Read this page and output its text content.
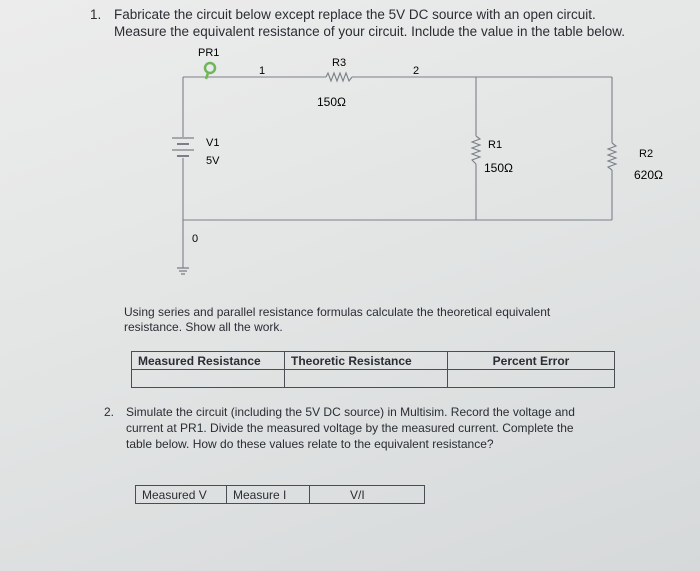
1. Fabricate the circuit below except replace the 5V DC source with an open circuit.
Measure the equivalent resistance of your circuit. Include the value in the table below.
PR1
1	2
0
R3
150Ω
R1
150Ω
R2
620Ω
V1
5V
Using series and parallel resistance formulas calculate the theoretical equivalent
resistance. Show all the work.
Measured Resistance	Theoretic Resistance	Percent Error

2. Simulate the circuit (including the 5V DC source) in Multisim. Record the voltage and
current at PR1. Divide the measured voltage by the measured current. Complete the
table below. How do these values relate to the equivalent resistance?
Measured V	Measure I	V/I
